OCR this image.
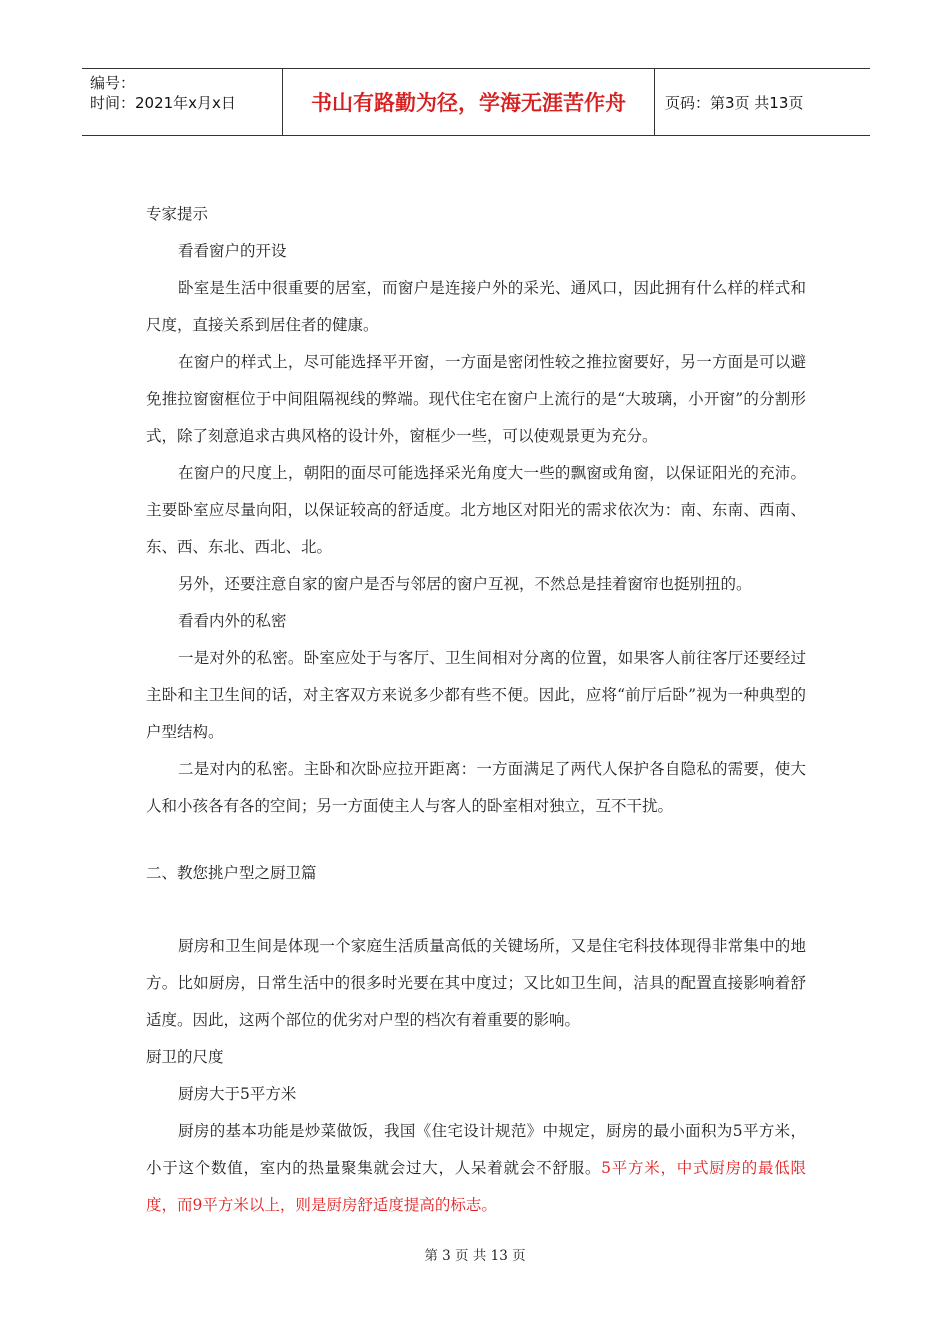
编号：
时间：2021年x月x日	书山有路勤为径，学海无涯苦作舟	页码：第3页 共13页

专家提示

看看窗户的开设

卧室是生活中很重要的居室，而窗户是连接户外的采光、通风口，因此拥有什么样的样式和尺度，直接关系到居住者的健康。

在窗户的样式上，尽可能选择平开窗，一方面是密闭性较之推拉窗要好，另一方面是可以避免推拉窗窗框位于中间阻隔视线的弊端。现代住宅在窗户上流行的是“大玻璃，小开窗”的分割形式，除了刻意追求古典风格的设计外，窗框少一些，可以使观景更为充分。

在窗户的尺度上，朝阳的面尽可能选择采光角度大一些的飘窗或角窗，以保证阳光的充沛。主要卧室应尽量向阳，以保证较高的舒适度。北方地区对阳光的需求依次为：南、东南、西南、东、西、东北、西北、北。

另外，还要注意自家的窗户是否与邻居的窗户互视，不然总是挂着窗帘也挺别扭的。

看看内外的私密

一是对外的私密。卧室应处于与客厅、卫生间相对分离的位置，如果客人前往客厅还要经过主卧和主卫生间的话，对主客双方来说多少都有些不便。因此，应将“前厅后卧”视为一种典型的户型结构。

二是对内的私密。主卧和次卧应拉开距离：一方面满足了两代人保护各自隐私的需要，使大人和小孩各有各的空间；另一方面使主人与客人的卧室相对独立，互不干扰。

二、教您挑户型之厨卫篇

厨房和卫生间是体现一个家庭生活质量高低的关键场所，又是住宅科技体现得非常集中的地方。比如厨房，日常生活中的很多时光要在其中度过；又比如卫生间，洁具的配置直接影响着舒适度。因此，这两个部位的优劣对户型的档次有着重要的影响。

厨卫的尺度

厨房大于5平方米

厨房的基本功能是炒菜做饭，我国《住宅设计规范》中规定，厨房的最小面积为5平方米，小于这个数值，室内的热量聚集就会过大，人呆着就会不舒服。5平方米，中式厨房的最低限度，而9平方米以上，则是厨房舒适度提高的标志。

第 3 页 共 13 页
